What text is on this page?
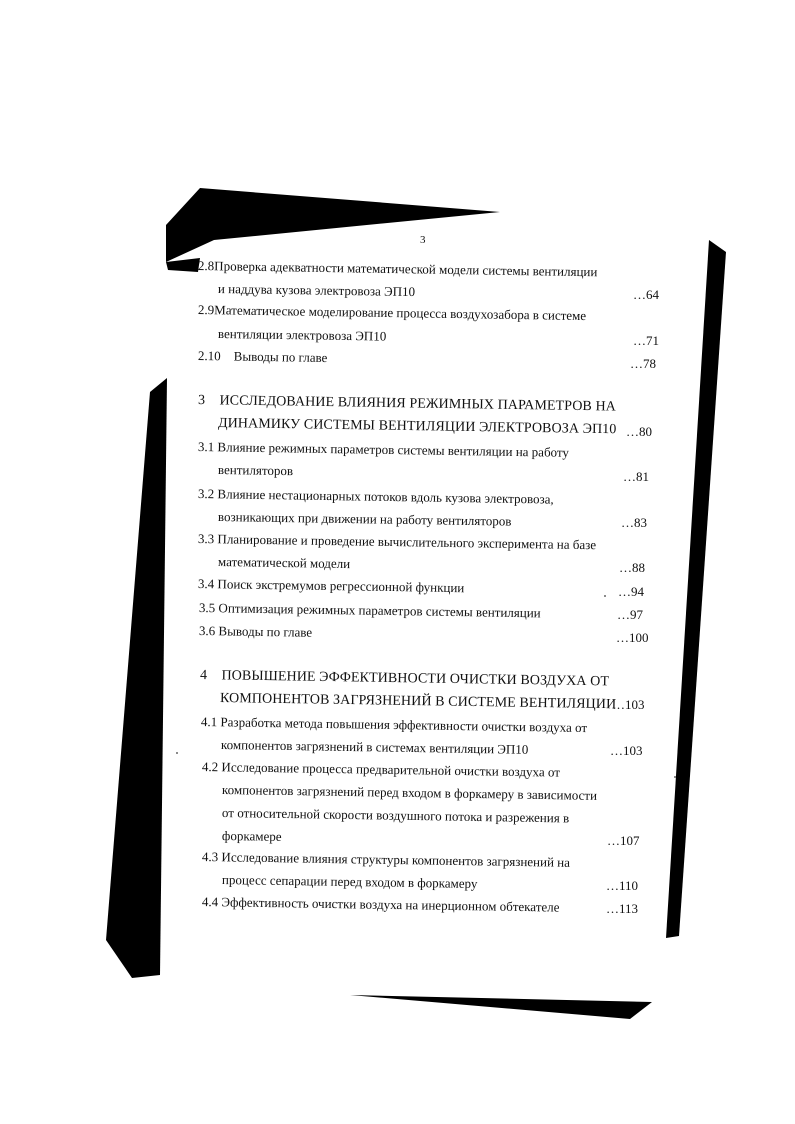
3
2.8Проверка адекватности математической модели системы вентиляции
и наддува кузова электровоза ЭП10	…64
2.9Математическое моделирование процесса воздухозабора в системе
вентиляции электровоза ЭП10	…71
2.10 Выводы по главе	…78
3 ИССЛЕДОВАНИЕ ВЛИЯНИЯ РЕЖИМНЫХ ПАРАМЕТРОВ НА
ДИНАМИКУ СИСТЕМЫ ВЕНТИЛЯЦИИ ЭЛЕКТРОВОЗА ЭП10 …80
3.1 Влияние режимных параметров системы вентиляции на работу
вентиляторов	…81
3.2 Влияние нестационарных потоков вдоль кузова электровоза,
возникающих при движении на работу вентиляторов	…83
3.3 Планирование и проведение вычислительного эксперимента на базе
математической модели	…88
3.4 Поиск экстремумов регрессионной функции	…94
3.5 Оптимизация режимных параметров системы вентиляции	…97
3.6 Выводы по главе	…100
4 ПОВЫШЕНИЕ ЭФФЕКТИВНОСТИ ОЧИСТКИ ВОЗДУХА ОТ
КОМПОНЕНТОВ ЗАГРЯЗНЕНИЙ В СИСТЕМЕ ВЕНТИЛЯЦИИ
…103
4.1 Разработка метода повышения эффективности очистки воздуха от
компонентов загрязнений в системах вентиляции ЭП10	…103
4.2 Исследование процесса предварительной очистки воздуха от
компонентов загрязнений перед входом в форкамеру в зависимости
от относительной скорости воздушного потока и разрежения в
форкамере	…107
4.3 Исследование влияния структуры компонентов загрязнений на
процесс сепарации перед входом в форкамеру	…110
4.4 Эффективность очистки воздуха на инерционном обтекателе	…113
